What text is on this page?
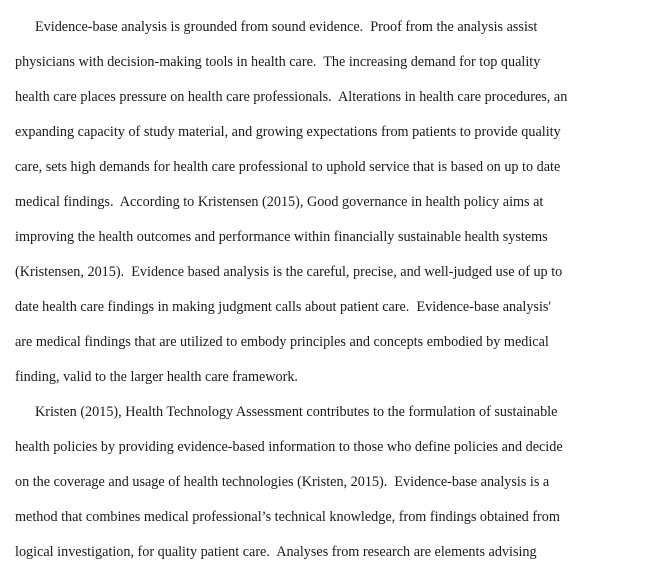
Evidence-base analysis is grounded from sound evidence.  Proof from the analysis assist
physicians with decision-making tools in health care.  The increasing demand for top quality
health care places pressure on health care professionals.  Alterations in health care procedures, an
expanding capacity of study material, and growing expectations from patients to provide quality
care, sets high demands for health care professional to uphold service that is based on up to date
medical findings.  According to Kristensen (2015), Good governance in health policy aims at
improving the health outcomes and performance within financially sustainable health systems
(Kristensen, 2015).  Evidence based analysis is the careful, precise, and well-judged use of up to
date health care findings in making judgment calls about patient care.  Evidence-base analysis'
are medical findings that are utilized to embody principles and concepts embodied by medical
finding, valid to the larger health care framework.
Kristen (2015), Health Technology Assessment contributes to the formulation of sustainable
health policies by providing evidence-based information to those who define policies and decide
on the coverage and usage of health technologies (Kristen, 2015).  Evidence-base analysis is a
method that combines medical professional’s technical knowledge, from findings obtained from
logical investigation, for quality patient care.  Analyses from research are elements advising
